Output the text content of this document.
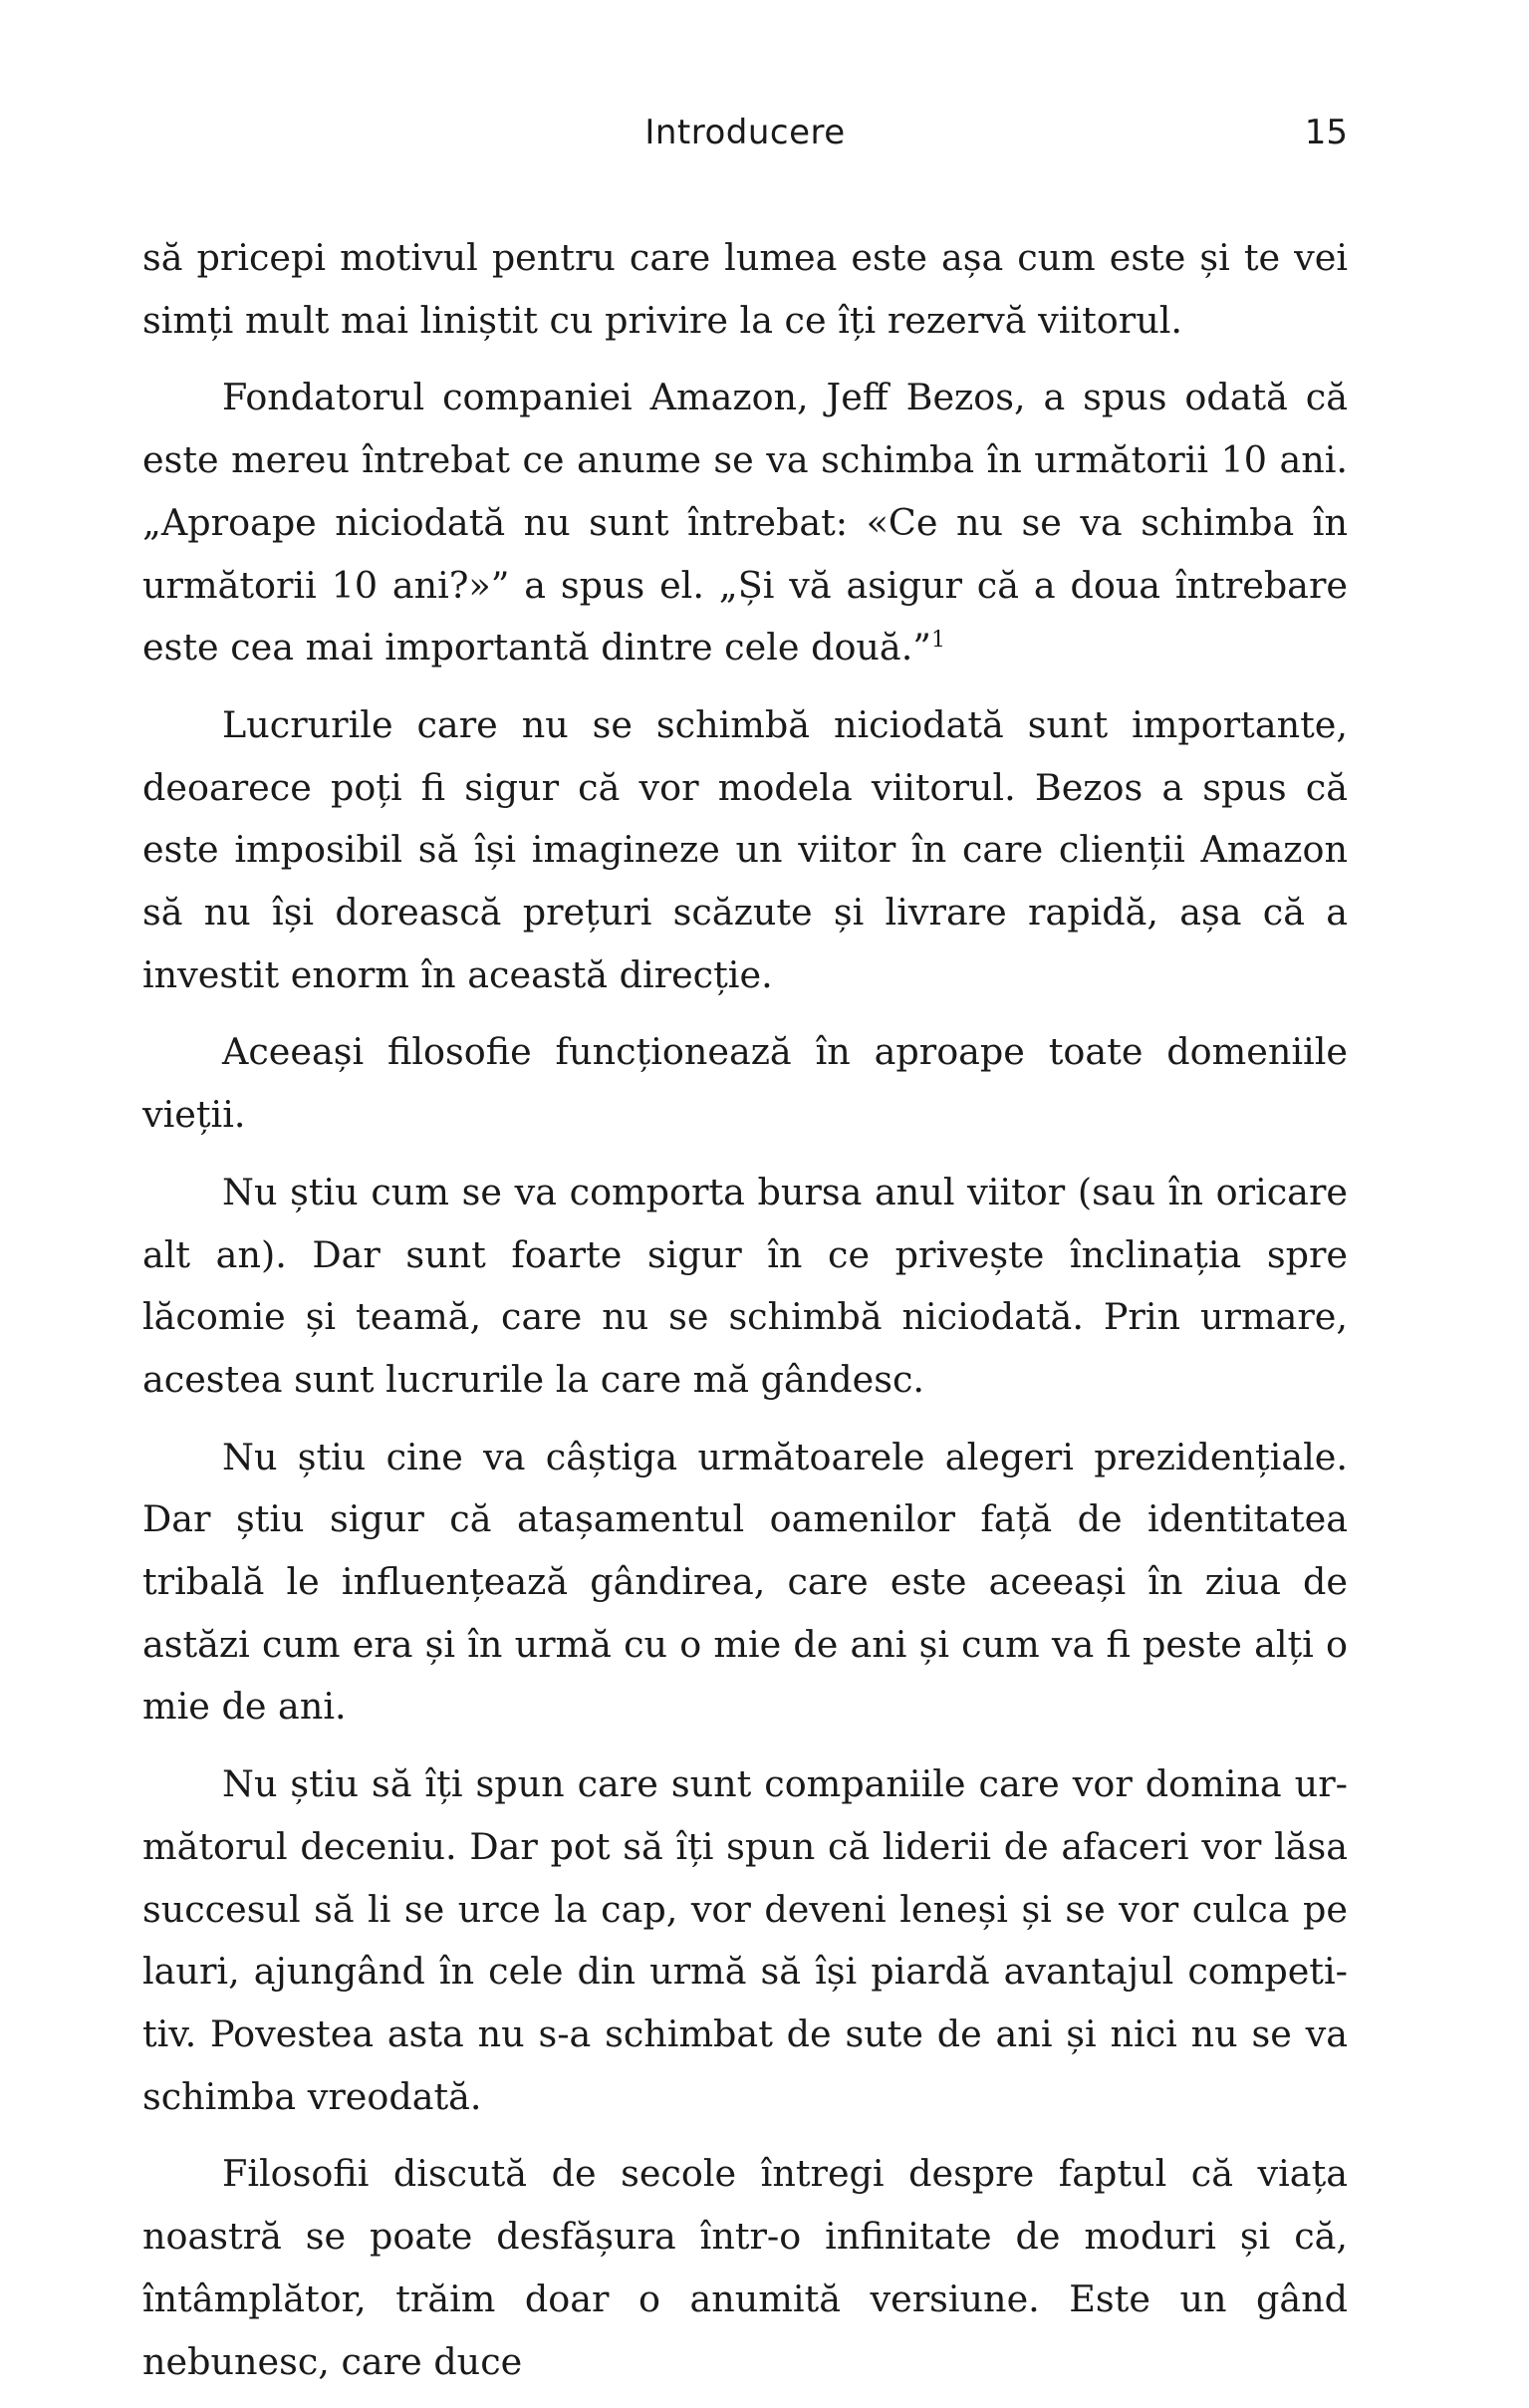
Introducere	15

să pricepi motivul pentru care lumea este așa cum este și te vei simți mult mai liniștit cu privire la ce îți rezervă viitorul.

Fondatorul companiei Amazon, Jeff Bezos, a spus odată că este mereu întrebat ce anume se va schimba în următorii 10 ani. „Aproape niciodată nu sunt întrebat: «Ce nu se va schimba în următorii 10 ani?»” a spus el. „Și vă asigur că a doua întrebare este cea mai importantă dintre cele două.”$^1$

Lucrurile care nu se schimbă niciodată sunt importante, deoarece poți fi sigur că vor modela viitorul. Bezos a spus că este imposibil să își imagineze un viitor în care clienții Amazon să nu își dorească prețuri scăzute și livrare rapidă, așa că a investit enorm în această direcție.

Aceeași filosofie funcționează în aproape toate domeniile vieții.

Nu știu cum se va comporta bursa anul viitor (sau în oricare alt an). Dar sunt foarte sigur în ce privește înclinația spre lăcomie și teamă, care nu se schimbă niciodată. Prin urmare, acestea sunt lucrurile la care mă gândesc.

Nu știu cine va câștiga următoarele alegeri prezidențiale. Dar știu sigur că atașamentul oamenilor față de identitatea tribală le influențează gândirea, care este aceeași în ziua de astăzi cum era și în urmă cu o mie de ani și cum va fi peste alți o mie de ani.

Nu știu să îți spun care sunt companiile care vor domina următorul deceniu. Dar pot să îți spun că liderii de afaceri vor lăsa succesul să li se urce la cap, vor deveni leneși și se vor culca pe lauri, ajungând în cele din urmă să își piardă avantajul competitiv. Povestea asta nu s-a schimbat de sute de ani și nici nu se va schimba vreodată.

Filosofii discută de secole întregi despre faptul că viața noastră se poate desfășura într-o infinitate de moduri și că, întâmplător, trăim doar o anumită versiune. Este un gând nebunesc, care duce
